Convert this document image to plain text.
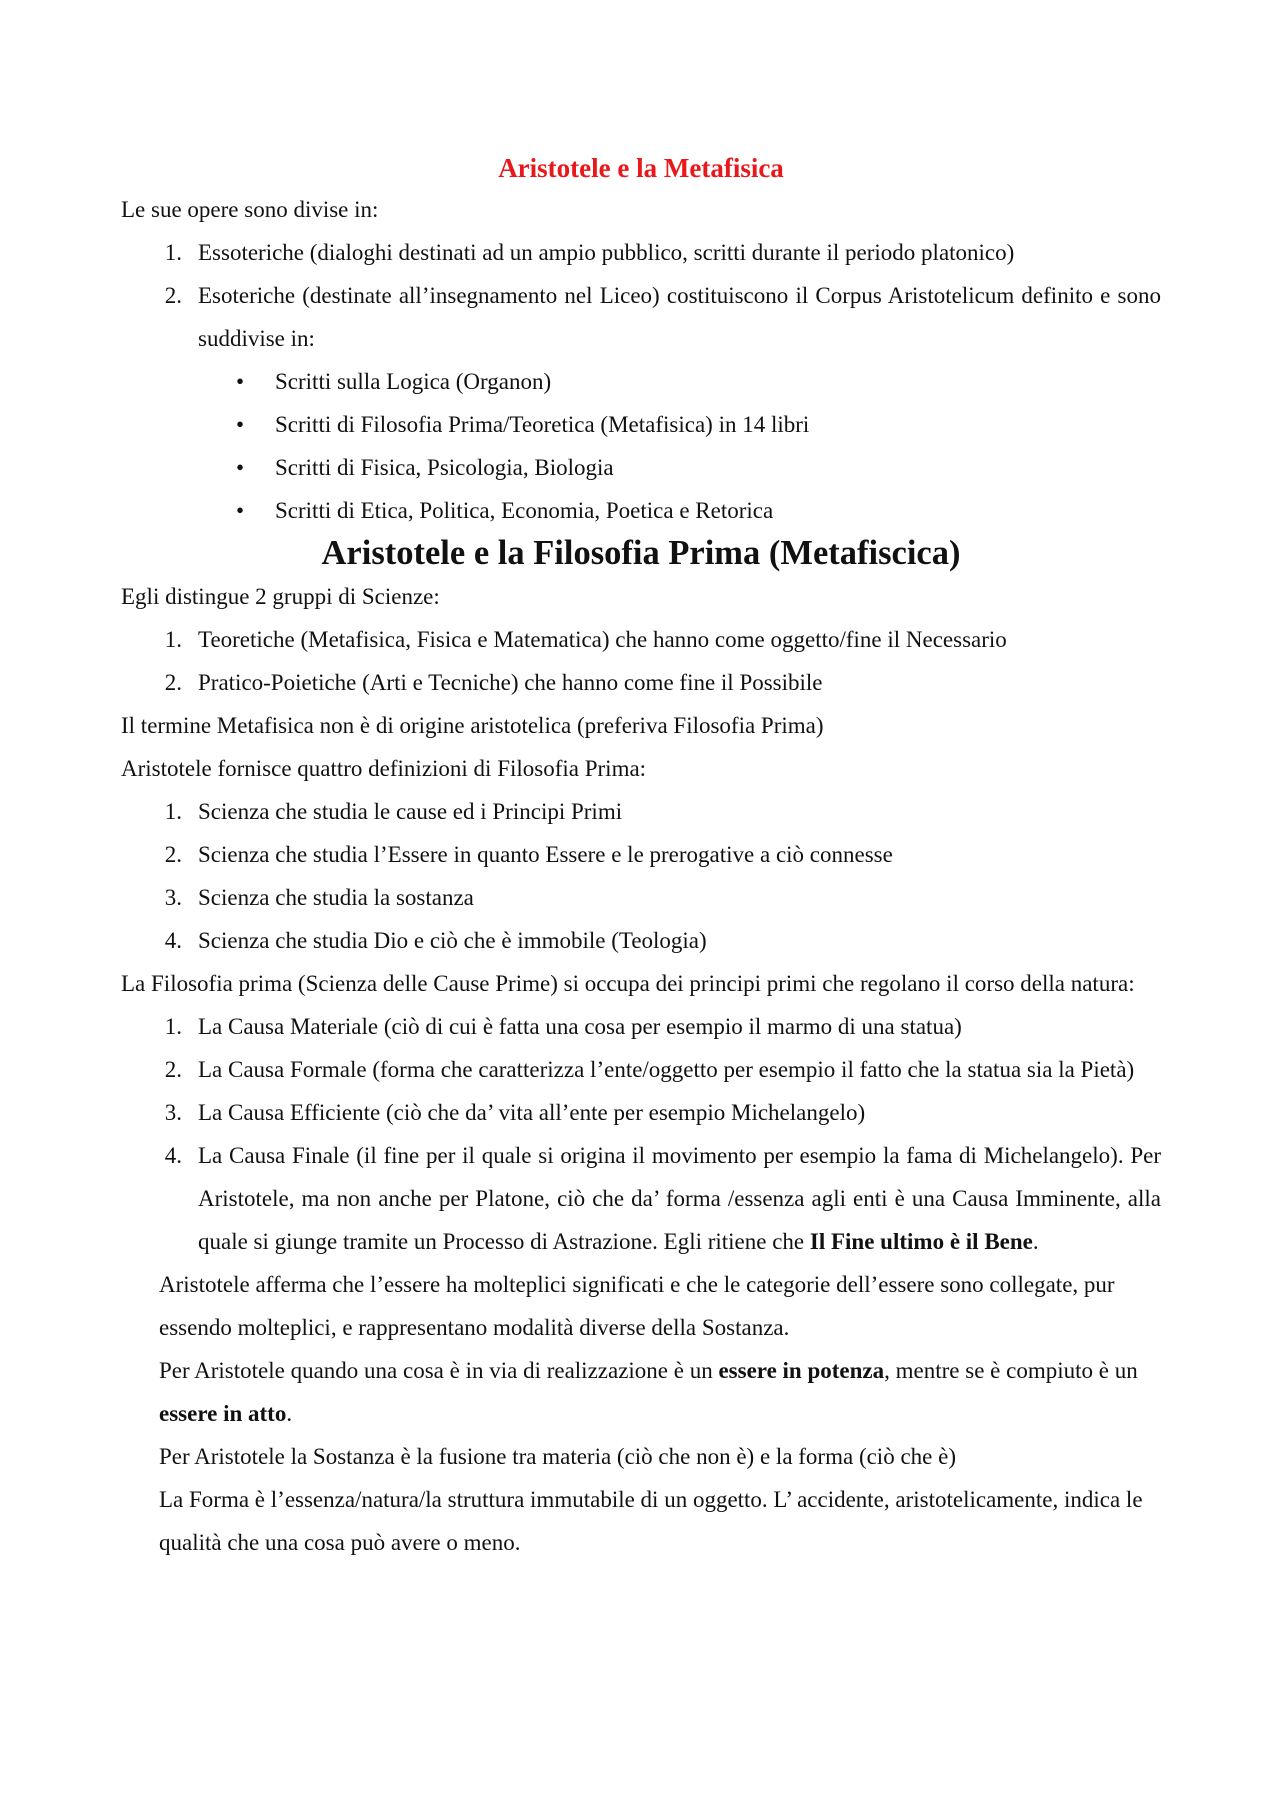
Aristotele e la Metafisica

Le sue opere sono divise in:

1. Essoteriche (dialoghi destinati ad un ampio pubblico, scritti durante il periodo platonico)
2. Esoteriche (destinate all’insegnamento nel Liceo) costituiscono il Corpus Aristotelicum definito e sono suddivise in:
•	Scritti sulla Logica (Organon)
•	Scritti di Filosofia Prima/Teoretica (Metafisica) in 14 libri
•	Scritti di Fisica, Psicologia, Biologia
•	Scritti di Etica, Politica, Economia, Poetica e Retorica
Aristotele e la Filosofia Prima (Metafiscica)

Egli distingue 2 gruppi di Scienze:

1. Teoretiche (Metafisica, Fisica e Matematica) che hanno come oggetto/fine il Necessario
2. Pratico-Poietiche (Arti e Tecniche) che hanno come fine il Possibile

Il termine Metafisica non è di origine aristotelica (preferiva Filosofia Prima)

Aristotele fornisce quattro definizioni di Filosofia Prima:

1. Scienza che studia le cause ed i Principi Primi
2. Scienza che studia l’Essere in quanto Essere e le prerogative a ciò connesse
3. Scienza che studia la sostanza
4. Scienza che studia Dio e ciò che è immobile (Teologia)

La Filosofia prima (Scienza delle Cause Prime) si occupa dei principi primi che regolano il corso della natura:

1. La Causa Materiale (ciò di cui è fatta una cosa per esempio il marmo di una statua)
2. La Causa Formale (forma che caratterizza l’ente/oggetto per esempio il fatto che la statua sia la Pietà)
3. La Causa Efficiente (ciò che da’ vita all’ente per esempio Michelangelo)
4. La Causa Finale (il fine per il quale si origina il movimento per esempio la fama di Michelangelo). Per Aristotele, ma non anche per Platone, ciò che da’ forma /essenza agli enti è una Causa Imminente, alla quale si giunge tramite un Processo di Astrazione. Egli ritiene che Il Fine ultimo è il Bene.

Aristotele afferma che l’essere ha molteplici significati e che le categorie dell’essere sono collegate, pur essendo molteplici, e rappresentano modalità diverse della Sostanza.

Per Aristotele quando una cosa è in via di realizzazione è un essere in potenza, mentre se è compiuto è un essere in atto.

Per Aristotele la Sostanza è la fusione tra materia (ciò che non è) e la forma (ciò che è)

La Forma è l’essenza/natura/la struttura immutabile di un oggetto. L’ accidente, aristotelicamente, indica le qualità che una cosa può avere o meno.
